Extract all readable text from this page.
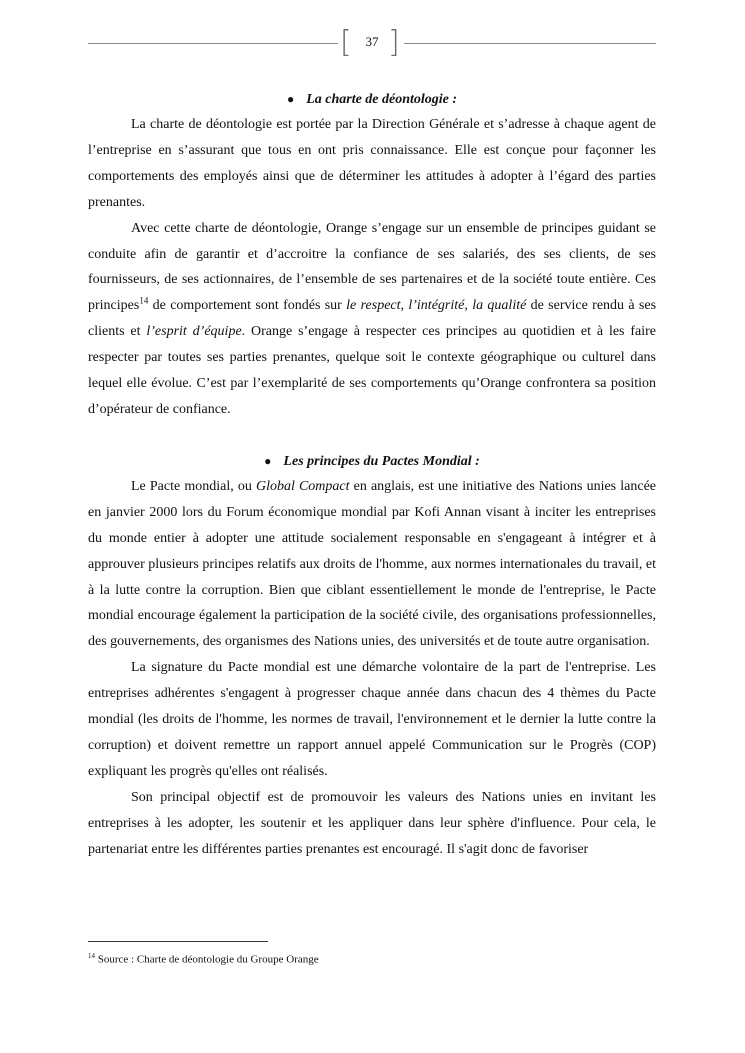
[	37 ]
● La charte de déontologie :

La charte de déontologie est portée par la Direction Générale et s’adresse à chaque agent de l’entreprise en s’assurant que tous en ont pris connaissance. Elle est conçue pour façonner les comportements des employés ainsi que de déterminer les attitudes à adopter à l’égard des parties prenantes.

Avec cette charte de déontologie, Orange s’engage sur un ensemble de principes guidant se conduite afin de garantir et d’accroitre la confiance de ses salariés, des ses clients, de ses fournisseurs, de ses actionnaires, de l’ensemble de ses partenaires et de la société toute entière. Ces principes$^{14}$ de comportement sont fondés sur le respect, l’intégrité, la qualité de service rendu à ses clients et l’esprit d’équipe. Orange s’engage à respecter ces principes au quotidien et à les faire respecter par toutes ses parties prenantes, quelque soit le contexte géographique ou culturel dans lequel elle évolue. C’est par l’exemplarité de ses comportements qu’Orange confrontera sa position d’opérateur de confiance.

● Les principes du Pactes Mondial :

Le Pacte mondial, ou Global Compact en anglais, est une initiative des Nations unies lancée en janvier 2000 lors du Forum économique mondial par Kofi Annan visant à inciter les entreprises du monde entier à adopter une attitude socialement responsable en s'engageant à intégrer et à approuver plusieurs principes relatifs aux droits de l'homme, aux normes internationales du travail, et à la lutte contre la corruption. Bien que ciblant essentiellement le monde de l'entreprise, le Pacte mondial encourage également la participation de la société civile, des organisations professionnelles, des gouvernements, des organismes des Nations unies, des universités et de toute autre organisation.

La signature du Pacte mondial est une démarche volontaire de la part de l'entreprise. Les entreprises adhérentes s'engagent à progresser chaque année dans chacun des 4 thèmes du Pacte mondial (les droits de l'homme, les normes de travail, l'environnement et le dernier la lutte contre la corruption) et doivent remettre un rapport annuel appelé Communication sur le Progrès (COP) expliquant les progrès qu'elles ont réalisés.

Son principal objectif est de promouvoir les valeurs des Nations unies en invitant les entreprises à les adopter, les soutenir et les appliquer dans leur sphère d'influence. Pour cela, le partenariat entre les différentes parties prenantes est encouragé. Il s'agit donc de favoriser

$^{14}$ Source : Charte de déontologie du Groupe Orange
